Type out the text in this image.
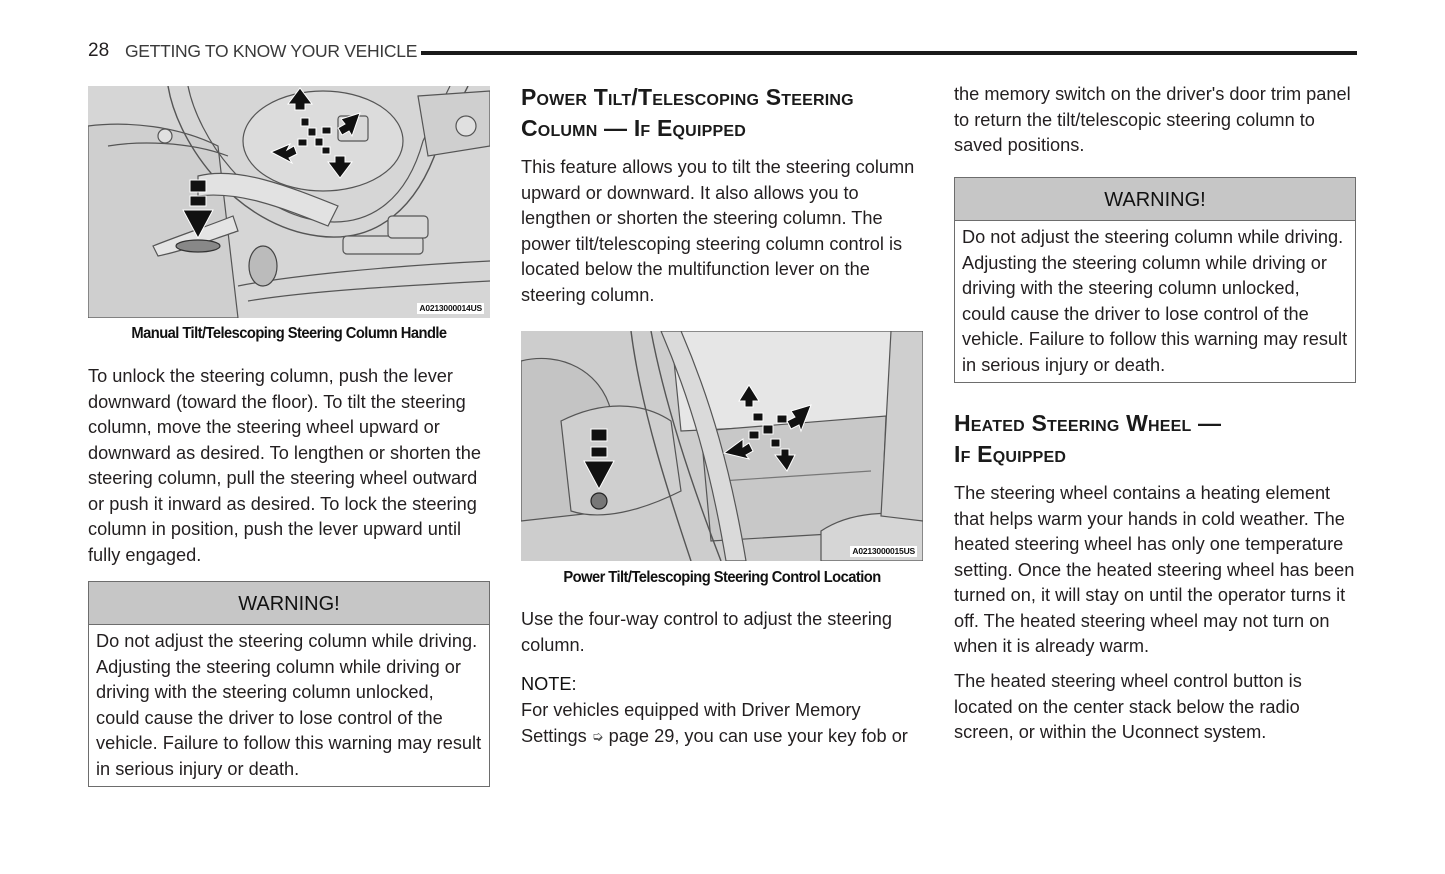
28 GETTING TO KNOW YOUR VEHICLE
A0213000014US
Manual Tilt/Telescoping Steering Column Handle

To unlock the steering column, push the lever downward (toward the floor). To tilt the steering column, move the steering wheel upward or downward as desired. To lengthen or shorten the steering column, pull the steering wheel outward or push it inward as desired. To lock the steering column in position, push the lever upward until fully engaged.

WARNING!
Do not adjust the steering column while driving. Adjusting the steering column while driving or driving with the steering column unlocked, could cause the driver to lose control of the vehicle. Failure to follow this warning may result in serious injury or death.
Power Tilt/Telescoping Steering
Column — If Equipped

This feature allows you to tilt the steering column upward or downward. It also allows you to lengthen or shorten the steering column. The power tilt/telescoping steering column control is located below the multifunction lever on the steering column.

A0213000015US
Power Tilt/Telescoping Steering Control Location

Use the four-way control to adjust the steering column.

NOTE:

For vehicles equipped with Driver Memory Settings ➭ page 29, you can use your key fob or

the memory switch on the driver's door trim panel to return the tilt/telescopic steering column to saved positions.

WARNING!
Do not adjust the steering column while driving. Adjusting the steering column while driving or driving with the steering column unlocked, could cause the driver to lose control of the vehicle. Failure to follow this warning may result in serious injury or death.
Heated Steering Wheel —
If Equipped

The steering wheel contains a heating element that helps warm your hands in cold weather. The heated steering wheel has only one temperature setting. Once the heated steering wheel has been turned on, it will stay on until the operator turns it off. The heated steering wheel may not turn on when it is already warm.

The heated steering wheel control button is located on the center stack below the radio screen, or within the Uconnect system.
